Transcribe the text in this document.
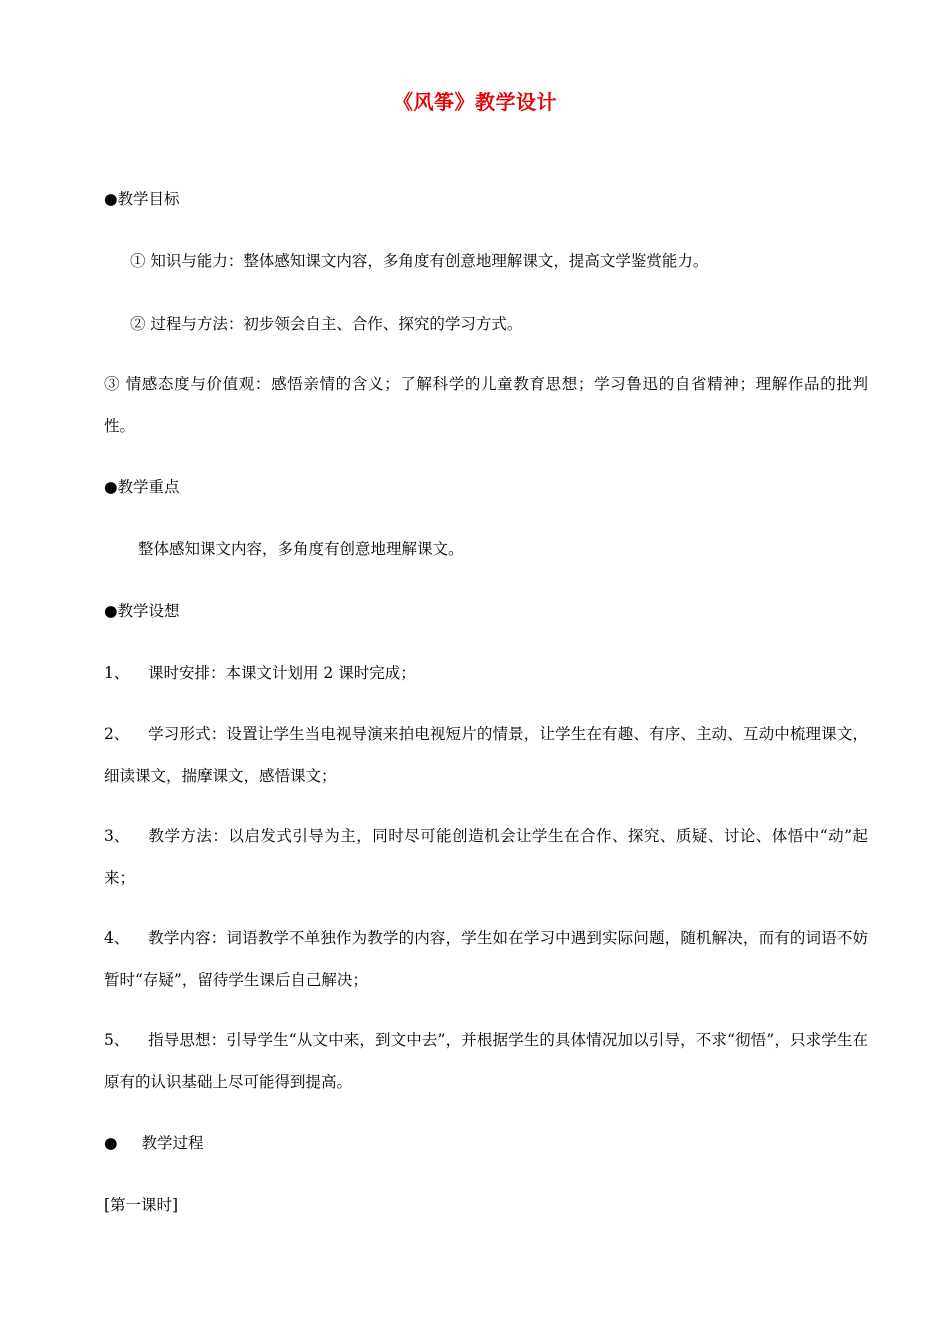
《风筝》教学设计
●教学目标
① 知识与能力：整体感知课文内容，多角度有创意地理解课文，提高文学鉴赏能力。
② 过程与方法：初步领会自主、合作、探究的学习方式。
③ 情感态度与价值观：感悟亲情的含义；了解科学的儿童教育思想；学习鲁迅的自省精神；理解作品的批判性。
●教学重点
整体感知课文内容，多角度有创意地理解课文。
●教学设想
1、 课时安排：本课文计划用 2 课时完成；
2、 学习形式：设置让学生当电视导演来拍电视短片的情景，让学生在有趣、有序、主动、互动中梳理课文，细读课文，揣摩课文，感悟课文；
3、 教学方法：以启发式引导为主，同时尽可能创造机会让学生在合作、探究、质疑、讨论、体悟中“动”起来；
4、 教学内容：词语教学不单独作为教学的内容，学生如在学习中遇到实际问题，随机解决，而有的词语不妨暂时“存疑”，留待学生课后自己解决；
5、 指导思想：引导学生“从文中来，到文中去”，并根据学生的具体情况加以引导，不求“彻悟”，只求学生在原有的认识基础上尽可能得到提高。
● 教学过程
[第一课时]
